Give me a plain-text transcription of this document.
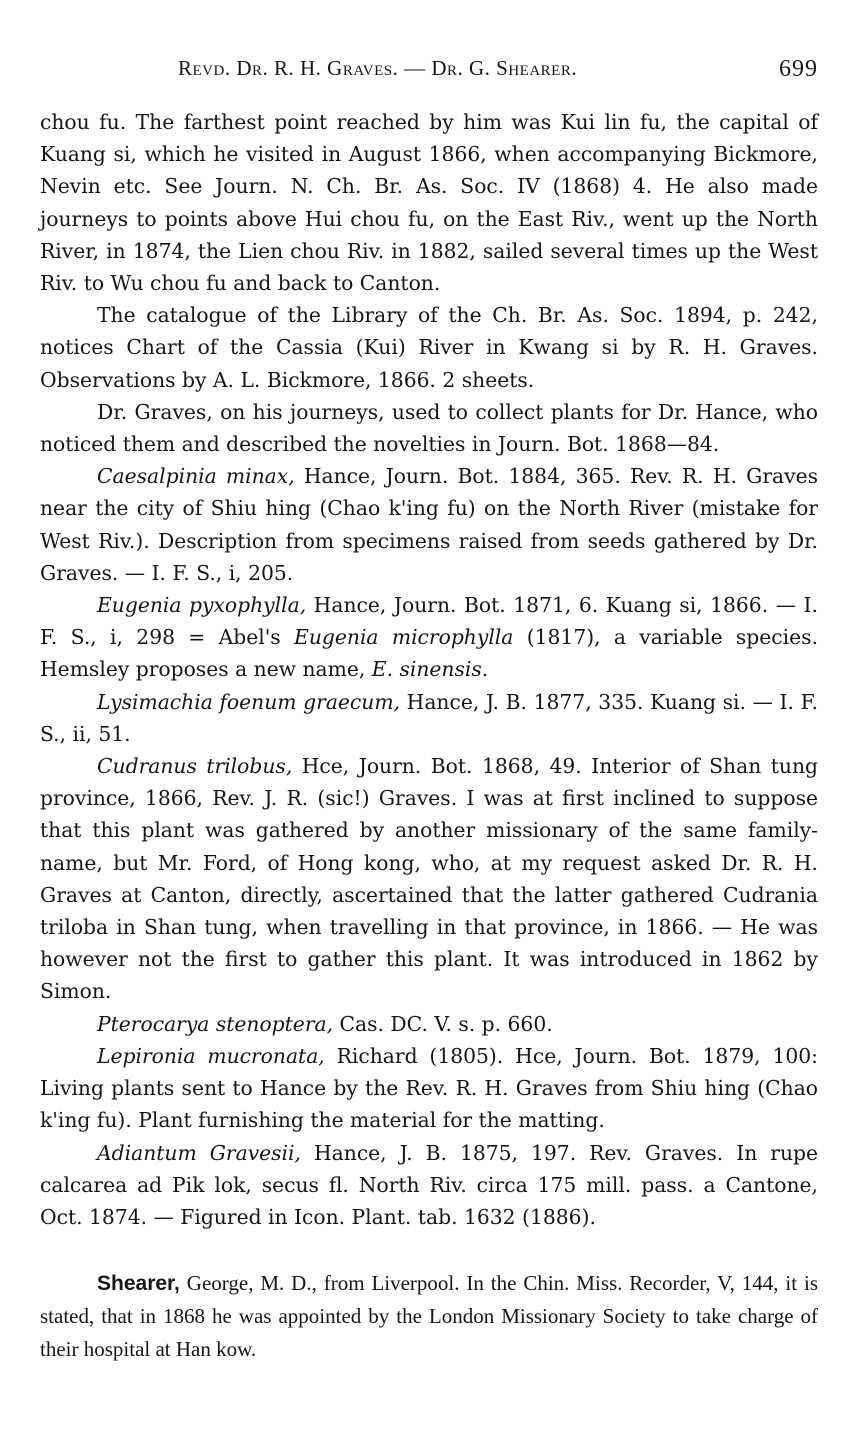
Revd. Dr. R. H. Graves. — Dr. G. Shearer.	699

chou fu. The farthest point reached by him was Kui lin fu, the capital of Kuang si, which he visited in August 1866, when accompanying Bickmore, Nevin etc. See Journ. N. Ch. Br. As. Soc. IV (1868) 4. He also made journeys to points above Hui chou fu, on the East Riv., went up the North River, in 1874, the Lien chou Riv. in 1882, sailed several times up the West Riv. to Wu chou fu and back to Canton.

The catalogue of the Library of the Ch. Br. As. Soc. 1894, p. 242, notices Chart of the Cassia (Kui) River in Kwang si by R. H. Graves. Observations by A. L. Bickmore, 1866. 2 sheets.

Dr. Graves, on his journeys, used to collect plants for Dr. Hance, who noticed them and described the novelties in Journ. Bot. 1868—84.

Caesalpinia minax, Hance, Journ. Bot. 1884, 365. Rev. R. H. Graves near the city of Shiu hing (Chao k'ing fu) on the North River (mistake for West Riv.). Description from specimens raised from seeds gathered by Dr. Graves. — I. F. S., i, 205.

Eugenia pyxophylla, Hance, Journ. Bot. 1871, 6. Kuang si, 1866. — I. F. S., i, 298 = Abel's Eugenia microphylla (1817), a variable species. Hemsley proposes a new name, E. sinensis.

Lysimachia foenum graecum, Hance, J. B. 1877, 335. Kuang si. — I. F. S., ii, 51.

Cudranus trilobus, Hce, Journ. Bot. 1868, 49. Interior of Shan tung province, 1866, Rev. J. R. (sic!) Graves. I was at first inclined to suppose that this plant was gathered by another missionary of the same family-name, but Mr. Ford, of Hong kong, who, at my request asked Dr. R. H. Graves at Canton, directly, ascertained that the latter gathered Cudrania triloba in Shan tung, when travelling in that province, in 1866. — He was however not the first to gather this plant. It was introduced in 1862 by Simon.

Pterocarya stenoptera, Cas. DC. V. s. p. 660.

Lepironia mucronata, Richard (1805). Hce, Journ. Bot. 1879, 100: Living plants sent to Hance by the Rev. R. H. Graves from Shiu hing (Chao k'ing fu). Plant furnishing the material for the matting.

Adiantum Gravesii, Hance, J. B. 1875, 197. Rev. Graves. In rupe calcarea ad Pik lok, secus fl. North Riv. circa 175 mill. pass. a Cantone, Oct. 1874. — Figured in Icon. Plant. tab. 1632 (1886).

Shearer, George, M. D., from Liverpool. In the Chin. Miss. Recorder, V, 144, it is stated, that in 1868 he was appointed by the London Missionary Society to take charge of their hospital at Han kow.
